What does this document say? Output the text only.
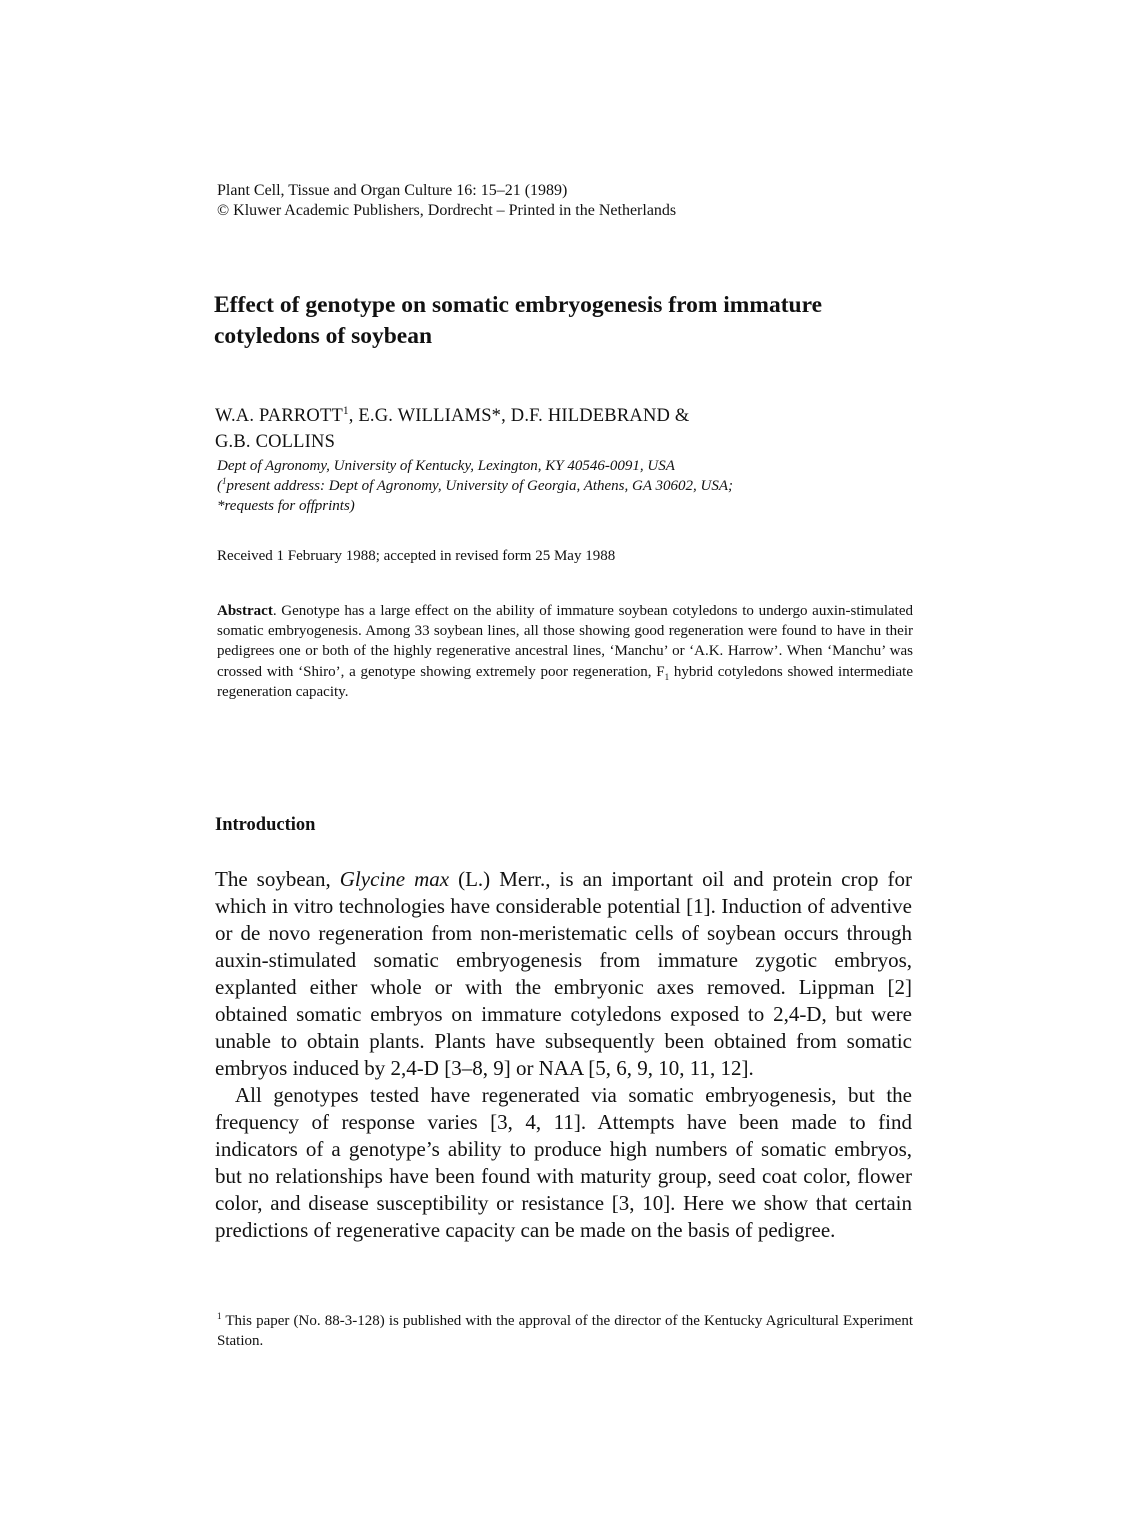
Plant Cell, Tissue and Organ Culture 16: 15–21 (1989)
© Kluwer Academic Publishers, Dordrecht – Printed in the Netherlands
Effect of genotype on somatic embryogenesis from immature
cotyledons of soybean
W.A. PARROTT$^1$, E.G. WILLIAMS*, D.F. HILDEBRAND &
G.B. COLLINS
Dept of Agronomy, University of Kentucky, Lexington, KY 40546-0091, USA
($^1$present address: Dept of Agronomy, University of Georgia, Athens, GA 30602, USA;
*requests for offprints)
Received 1 February 1988; accepted in revised form 25 May 1988
Abstract. Genotype has a large effect on the ability of immature soybean cotyledons to undergo auxin-stimulated somatic embryogenesis. Among 33 soybean lines, all those showing good regeneration were found to have in their pedigrees one or both of the highly regenerative ancestral lines, ‘Manchu’ or ‘A.K. Harrow’. When ‘Manchu’ was crossed with ‘Shiro’, a genotype showing extremely poor regeneration, $F_1$ hybrid cotyledons showed intermediate regeneration capacity.
Introduction

The soybean, Glycine max (L.) Merr., is an important oil and protein crop for which in vitro technologies have considerable potential [1]. Induction of adventive or de novo regeneration from non-meristematic cells of soybean occurs through auxin-stimulated somatic embryogenesis from immature zygotic embryos, explanted either whole or with the embryonic axes removed. Lippman [2] obtained somatic embryos on immature cotyledons exposed to 2,4-D, but were unable to obtain plants. Plants have subsequently been obtained from somatic embryos induced by 2,4-D [3–8, 9] or NAA [5, 6, 9, 10, 11, 12].

All genotypes tested have regenerated via somatic embryogenesis, but the frequency of response varies [3, 4, 11]. Attempts have been made to find indicators of a genotype’s ability to produce high numbers of somatic embryos, but no relationships have been found with maturity group, seed coat color, flower color, and disease susceptibility or resistance [3, 10]. Here we show that certain predictions of regenerative capacity can be made on the basis of pedigree.

$^1$ This paper (No. 88-3-128) is published with the approval of the director of the Kentucky Agricultural Experiment Station.
